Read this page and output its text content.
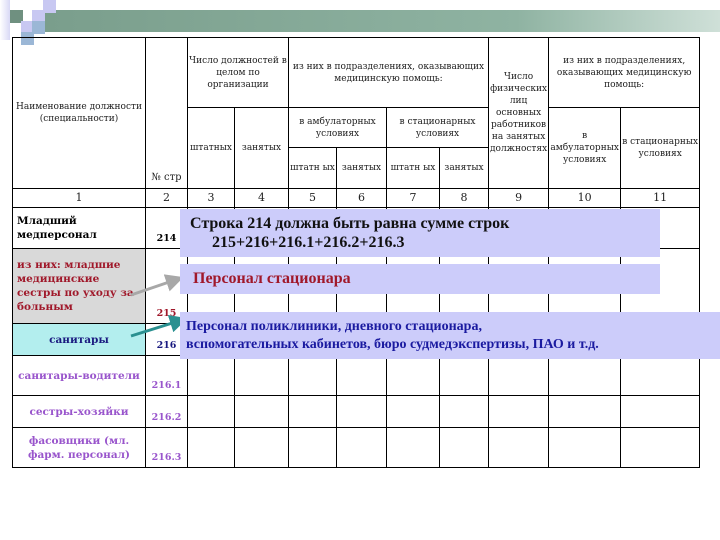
Наименование должности (специальности)	№ стр	Число должностей в целом по организации		из них в подразделениях, оказывающих медицинскую помощь:				Число физических лиц основных работников на занятых должностях	из них в подразделениях, оказывающих медицинскую помощь:	
		штатных	занятых	в амбулаторных условиях		в стационарных условиях			в амбулаторных условиях	в стационарных условиях
				штатн ых	занятых	штатн ых	занятых			
1	2	3	4	5	6	7	8	9	10	11
Младший медперсонал	214									
из них: младшие медицинские сестры по уходу за больным	215									
санитары	216									
санитары-водители	216.1									
сестры-хозяйки	216.2									
фасовщики (мл. фарм. персонал)	216.3									
Строка 214 должна быть равна сумме строк
215+216+216.1+216.2+216.3
Персонал стационара
Персонал поликлиники, дневного стационара,
вспомогательных кабинетов, бюро судмедэкспертизы, ПАО и т.д.
